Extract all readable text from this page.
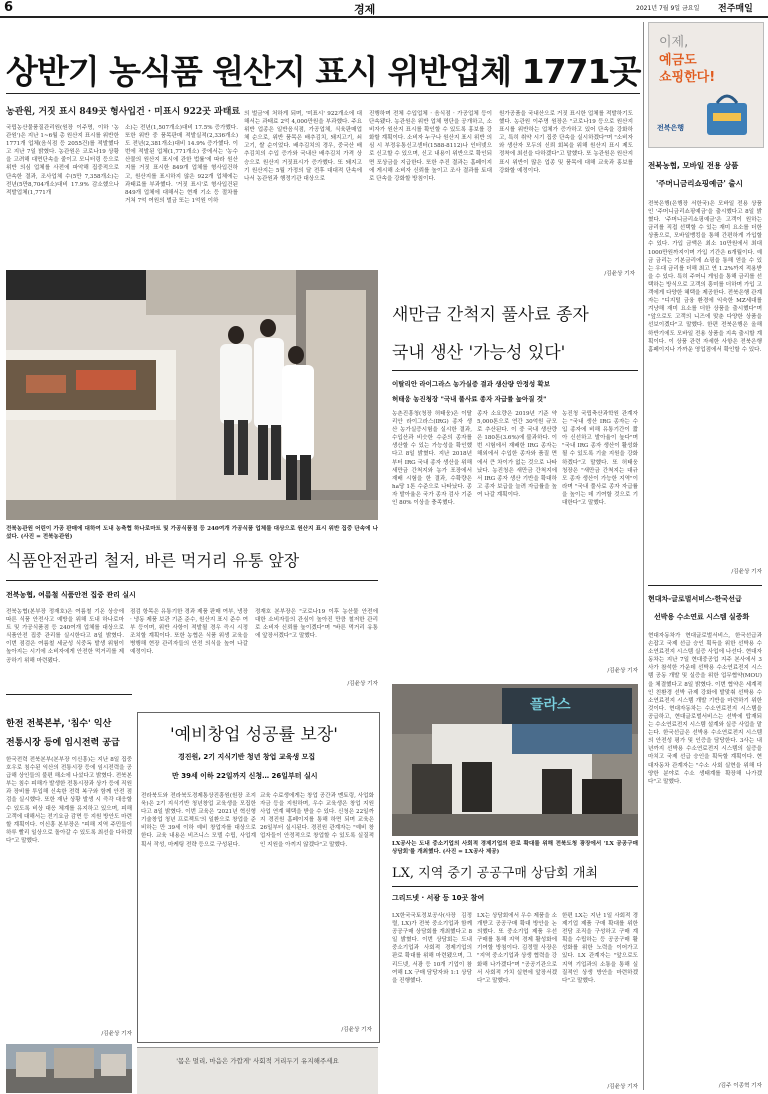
6	경제	2021년 7월 9일 금요일 전주매일
상반기 농식품 원산지 표시 위반업체 1771곳
농관원, 거짓 표시 849곳 형사입건 · 미표시 922곳 과태료
국립농산물품질관리원(원장 이주명, 이하 '농관원')은 지난 1~6월 총 원산지 표시를 위반한 1771개 업체(음식점 등 2055건)를 적발했다고 지난 7일 밝혔다. 농관원은 코로나19 상황을 고려해 대면단속을 줄이고 모니터링 등으로 위반 의심 업체를 사전에 파악해 집중적으로 단속한 결과, 조사업체 수(5만 7,358개소)는 전년(5만8,704개소)대비 17.9% 감소했으나 적발업체(1,771개
소)는 전년(1,507개소)대비 17.5% 증가했다. 또한 위반 중 품목판매 적발실적(2,336개소)도 전년(2,381개소)대비 14.9% 증가했다. 이번에 적발된 업체(1,771개소) 중에서는 '농수산물의 원산지 표시에 관한 법률'에 따라 원산지를 거짓 표시한 849개 업체를 형사입건하고, 원산지를 표시하지 않은 922개 업체에는 과태료를 부과했다. '거짓 표시'로 형사입건된 849개 업체에 대해서는 현재 기소 등 절차를 거쳐 7억 여원의 벌금 또는 1억원 이하
의 벌금'에 처하게 되며, '미표시' 922개소에 대해서는 과태료 2억 4,000만원을 부과했다. 주요 위반 업종은 일반음식점, 가공업체, 식육판매업체 순으로, 위반 품목은 배추김치, 돼지고기, 쇠고기, 쌀 순이었다. 배추김치의 경우, 중국산 배추김치의 수입 증가와 국내산 배추김치 가격 상승으로 원산지 거짓표시가 증가했다. 또 돼지고기 원산지는 5월 가정의 달 전후 대대적 단속에 나서 농관원과 행정기관 대상으로
진행하며 전체 수입업체 · 음식점 · 가공업체 등이 단속됐다. 농관원은 위반 업체 명단을 공개하고, 소비자가 원산지 표시를 확인할 수 있도록 홍보를 강화할 계획이다. 소비자 누구나 원산지 표시 위반 의심 시 부정유통신고센터(1588-8112)나 인터넷으로 신고할 수 있으며, 신고 내용이 위반으로 확인되면 포상금을 지급한다. 또한 추진 결과는 홈페이지에 게시해 소비자 신뢰를 높이고 조사 결과를 토대로 단속을 강화할 방침이다.
원가공품을 국내산으로 거짓 표시한 업체를 적발하기도 했다. 농관원 이주명 원장은 "코로나19 등으로 원산지 표시를 위반하는 업체가 증가하고 있어 단속을 강화하고, 특히 취약 시기 집중 단속을 실시하겠다"며 "소비자와 생산자 모두의 신뢰 회복을 위해 원산지 표시 제도 정착에 최선을 다하겠다"고 말했다. 또 농관원은 원산지 표시 위반이 많은 업종 및 품목에 대해 교육과 홍보를 강화할 예정이다.
/김윤상 기자
전북농관원 어린이 가공 판매에 대하여 도내 농축협 하나로마트 및 가공식품점 등 240여개 가공식품 업체를 대상으로 원산지 표시 위반 집중 단속에 나섰다. (사진 = 전북농관원)
새만금 간척지 풀사료 종자
국내 생산 '가능성 있다'
이탈리안 라이그라스 농가실증 결과 생산량 안정성 확보
허태웅 농진청장 "국내 풀사료 종자 자급률 높아질 것"
농촌진흥청(청장 허태웅)은 이탈리안 라이그라스(IRG) 종자 생산 농가실증시험을 실시한 결과, 수입산과 비슷한 수준의 종자를 생산할 수 있는 가능성을 확인했다고 8일 밝혔다. 지난 2018년부터 IRG 국내 종자 생산을 위해 새만금 간척지와 농가 포장에서 재배 시험을 한 결과, 수확량은 ha당 1톤 수준으로 나타났다. 종자 발아율은 국가 종자 검사 기준인 80% 이상을 충족했다.
종자 소요량은 2019년 기준 약 5,000톤으로 연간 30억원 규모로 추산된다. 이 중 국내 생산량은 180톤(3.6%)에 불과하다. 이번 시험에서 재배한 IRG 종자는 해외에서 수입한 종자와 품질 면에서 큰 차이가 없는 것으로 나타났다. 농진청은 새만금 간척지에서 IRG 종자 생산 기반을 확대하고 종자 보급을 늘려 자급률을 높여 나갈 계획이다.
농진청 국립축산과학원 관계자는 "국내 생산 IRG 종자는 수입 종자에 비해 유통기간이 짧아 신선하고 발아율이 높다"며 "국내 IRG 종자 생산이 활성화될 수 있도록 기술 지원을 강화하겠다"고 말했다. 또 허태웅 청장은 "새만금 간척지는 대규모 종자 생산이 가능한 지역"이라며 "국내 풀사료 종자 자급률을 높이는 데 기여할 것으로 기대한다"고 말했다.
/김윤상 기자
식품안전관리 철저, 바른 먹거리 유통 앞장
전북농협, 여름철 식품안전 집중 관리 실시
전북농협(본부장 정재호)은 여름철 기온 상승에 따른 식품 안전사고 예방을 위해 도내 하나로마트 및 가공식품점 등 240여개 업체를 대상으로 식품안전 집중 관리를 실시한다고 8일 밝혔다. 이번 점검은 여름철 세균성 식중독 발생 위험이 높아지는 시기에 소비자에게 안전한 먹거리를 제공하기 위해 마련됐다.
점검 항목은 유통기한 경과 제품 판매 여부, 냉장 · 냉동 제품 보관 기준 준수, 원산지 표시 준수 여부 등이며, 위반 사항이 적발될 경우 즉시 시정 조치할 계획이다. 또한 농협은 식품 위생 교육을 병행해 현장 관리자들의 안전 의식을 높여 나갈 예정이다.
정재호 본부장은 "코로나19 이후 농산물 안전에 대한 소비자들의 관심이 높아진 만큼 철저한 관리로 소비자 신뢰를 높이겠다"며 "바른 먹거리 유통에 앞장서겠다"고 말했다.
/김윤상 기자
한전 전북본부, '침수' 익산
전통시장 등에 임시전력 공급
한국전력 전북본부(본부장 이신흥)는 지난 8일 집중 호우로 침수된 익산의 전통시장 등에 임시전력을 공급해 상인들의 불편 해소에 나섰다고 밝혔다. 전북본부는 침수 피해가 발생한 전통시장과 상가 등에 직원과 장비를 투입해 신속한 전력 복구와 함께 안전 점검을 실시했다. 또한 재난 상황 발생 시 즉각 대응할 수 있도록 비상 대응 체계를 유지하고 있으며, 피해 고객에 대해서는 전기요금 감면 등 지원 방안도 마련할 계획이다. 이신흥 본부장은 "피해 지역 주민들이 하루 빨리 일상으로 돌아갈 수 있도록 최선을 다하겠다"고 말했다.
/김윤상 기자
'예비창업 성공률 보장'
경진원, 2기 지식기반 청년 창업 교육생 모집
만 39세 이하 22일까지 신청… 26일부터 실시
전라북도와 전라북도경제통상진흥원(원장 조지욱)은 2기 지식기반 청년창업 교육생을 모집한다고 8일 밝혔다. 이번 교육은 '2021년 혁신형 기술창업 청년 프로젝트'의 일환으로 창업을 준비하는 만 39세 이하 예비 창업자를 대상으로 한다. 교육 내용은 비즈니스 모델 수립, 사업계획서 작성, 마케팅 전략 등으로 구성된다.
교육 수료생에게는 창업 공간과 멘토링, 사업화 자금 등을 지원하며, 우수 교육생은 창업 지원 사업 연계 혜택을 받을 수 있다. 신청은 22일까지 경진원 홈페이지를 통해 하면 되며 교육은 26일부터 실시된다. 경진원 관계자는 "예비 창업자들이 안정적으로 창업할 수 있도록 실질적인 지원을 아끼지 않겠다"고 말했다.
/김윤상 기자
'몸은 멀리, 마음은 가깝게' 사회적 거리두기 유지해주세요
플라스
LX공사는 도내 중소기업의 사회적 경제기업의 판로 확대를 위해 전북도청 광장에서 'LX 공공구매 상담회'를 개최했다. (사진 = LX공사 제공)
LX, 지역 중기 공공구매 상담회 개최
그리드넷 · 서광 등 10곳 참여
LX한국국토정보공사(사장 김정렬, LX)가 전북 중소기업과 함께 공공구매 상담회를 개최했다고 8일 밝혔다. 이번 상담회는 도내 중소기업과 사회적 경제기업의 판로 확대를 위해 마련됐으며, 그리드넷, 서광 등 10개 기업이 참여해 LX 구매 담당자와 1:1 상담을 진행했다.
LX는 상담회에서 우수 제품을 소개받고 공공구매 확대 방안을 논의했다. 또 중소기업 제품 우선 구매를 통해 지역 경제 활성화에 기여할 방침이다. 김정렬 사장은 "지역 중소기업과 상생 협력을 강화해 나가겠다"며 "공공기관으로서 사회적 가치 실현에 앞장서겠다"고 말했다.
한편 LX는 지난 1일 사회적 경제기업 제품 구매 확대를 위한 전담 조직을 구성하고 구매 계획을 수립하는 등 공공구매 활성화를 위한 노력을 이어가고 있다. LX 관계자는 "앞으로도 지역 기업과의 소통을 통해 실질적인 상생 방안을 마련하겠다"고 말했다.
/김윤상 기자
이제,
예금도
쇼핑한다!
전북은행
전북농협, 모바일 전용 상품
'주머니금리쇼핑예금' 출시
전북은행(은행장 서한국)은 모바일 전용 상품인 '주머니금리쇼핑예금'을 출시했다고 8일 밝혔다. '주머니금리쇼핑예금'은 고객이 원하는 금리를 직접 선택할 수 있는 재미 요소를 더한 상품으로, 모바일뱅킹을 통해 간편하게 가입할 수 있다. 가입 금액은 최소 10만원에서 최대 1000만원까지이며 가입 기간은 6개월이다. 예금 금리는 기본금리에 쇼핑을 통해 얻을 수 있는 우대 금리를 더해 최고 연 1.2%까지 적용받을 수 있다. 특히 주머니 게임을 통해 금리를 선택하는 방식으로 고객의 흥미를 더하며 가입 고객에게 다양한 혜택을 제공한다. 전북은행 관계자는 "디지털 금융 환경에 익숙한 MZ세대를 겨냥해 재미 요소를 더한 상품을 출시했다"며 "앞으로도 고객의 니즈에 맞춘 다양한 상품을 선보이겠다"고 말했다. 한편 전북은행은 올해 하반기에도 모바일 전용 상품을 지속 출시할 계획이다. 이 상품 관련 자세한 사항은 전북은행 홈페이지나 가까운 영업점에서 확인할 수 있다.
/김윤상 기자
현대차-글로벌서비스-한국선급
선박용 수소연료 시스템 실증화
현대자동차가 현대글로벌서비스, 한국선급과 손잡고 국제 선급 승인 획득을 위한 선박용 수소연료전지 시스템 실증 사업에 나선다. 현대자동차는 지난 7일 현대중공업 지주 본사에서 3사가 참석한 가운데 선박용 수소연료전지 시스템 공동 개발 및 실증을 위한 업무협약(MOU)을 체결했다고 8일 밝혔다. 이번 협약은 세계적인 친환경 선박 규제 강화에 발맞춰 선박용 수소연료전지 시스템 개발 기반을 마련하기 위한 것이다. 현대자동차는 수소연료전지 시스템을 공급하고, 현대글로벌서비스는 선박에 탑재되는 수소연료전지 시스템 설계와 실증 사업을 맡는다. 한국선급은 선박용 수소연료전지 시스템의 안전성 평가 및 인증을 담당한다. 3사는 내년까지 선박용 수소연료전지 시스템의 실증을 마치고 국제 선급 승인을 획득할 계획이다. 현대자동차 관계자는 "수소 사회 실현을 위해 다양한 분야로 수소 생태계를 확장해 나가겠다"고 말했다.
/김주 이종혁 기자
